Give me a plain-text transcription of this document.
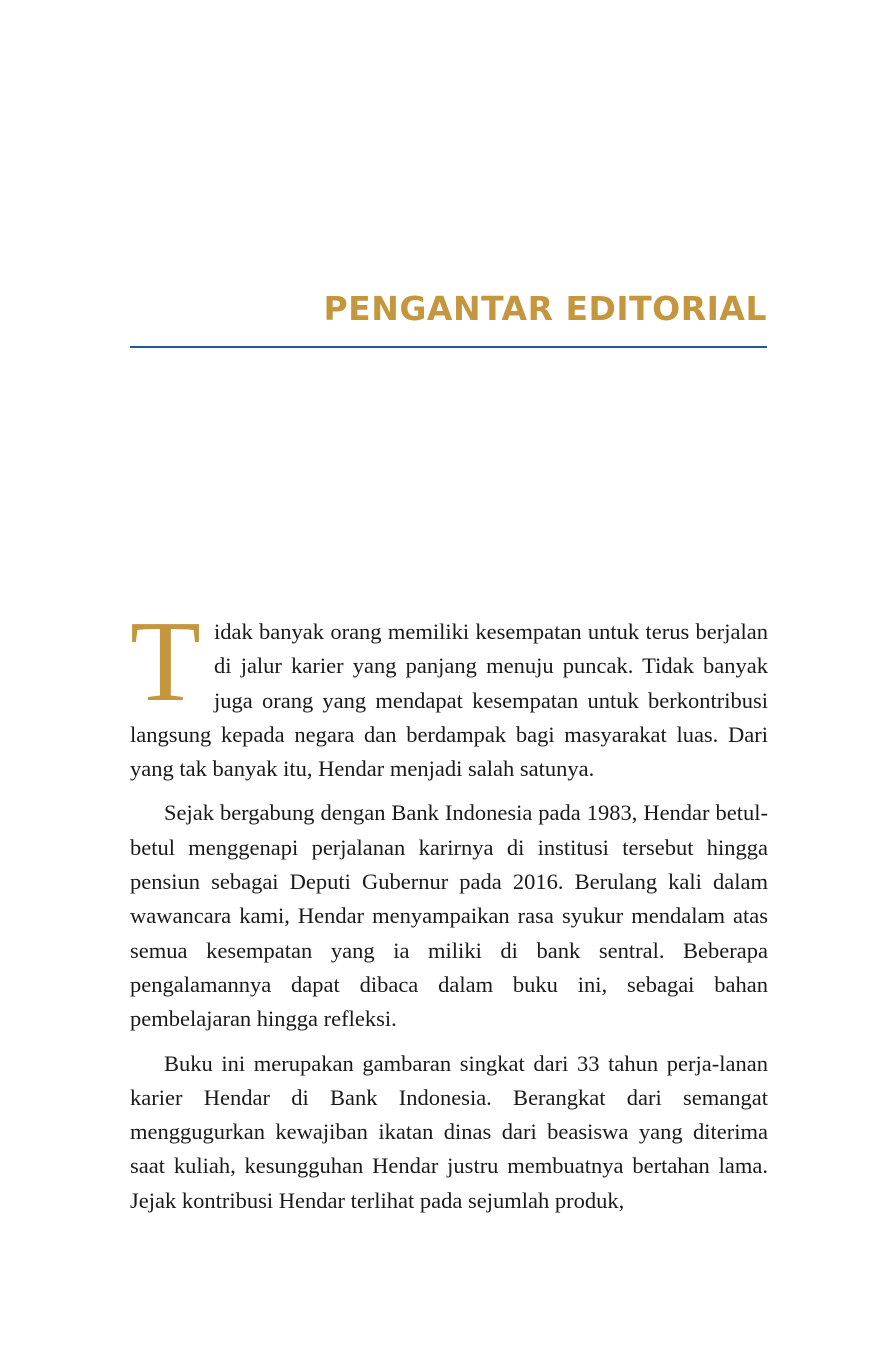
PENGANTAR EDITORIAL

Tidak banyak orang memiliki kesempatan untuk terus berjalan di jalur karier yang panjang menuju puncak. Tidak banyak juga orang yang mendapat kesempatan untuk berkontribusi langsung kepada negara dan berdampak bagi masyarakat luas. Dari yang tak banyak itu, Hendar menjadi salah satunya.

Sejak bergabung dengan Bank Indonesia pada 1983, Hendar betul-betul menggenapi perjalanan karirnya di institusi tersebut hingga pensiun sebagai Deputi Gubernur pada 2016. Berulang kali dalam wawancara kami, Hendar menyampaikan rasa syukur mendalam atas semua kesempatan yang ia miliki di bank sentral. Beberapa pengalamannya dapat dibaca dalam buku ini, sebagai bahan pembelajaran hingga refleksi.

Buku ini merupakan gambaran singkat dari 33 tahun perja-lanan karier Hendar di Bank Indonesia. Berangkat dari semangat menggugurkan kewajiban ikatan dinas dari beasiswa yang diterima saat kuliah, kesungguhan Hendar justru membuatnya bertahan lama. Jejak kontribusi Hendar terlihat pada sejumlah produk,
